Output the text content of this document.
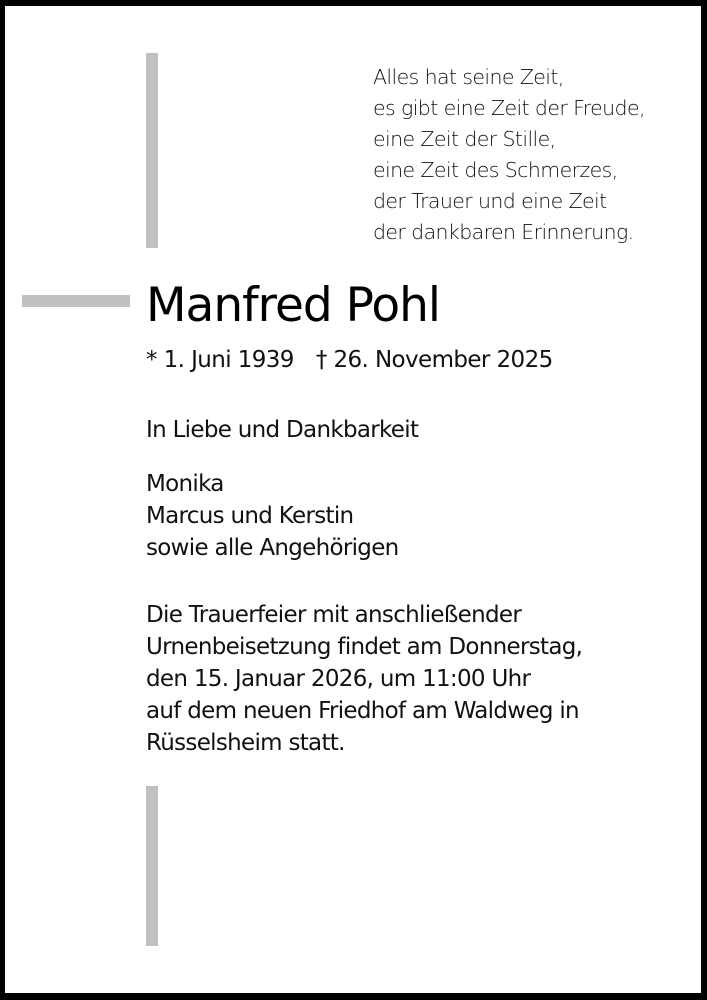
Alles hat seine Zeit,
es gibt eine Zeit der Freude,
eine Zeit der Stille,
eine Zeit des Schmerzes,
der Trauer und eine Zeit
der dankbaren Erinnerung.
Manfred Pohl
* 1. Juni 1939 † 26. November 2025
In Liebe und Dankbarkeit
Monika
Marcus und Kerstin
sowie alle Angehörigen
Die Trauerfeier mit anschließender
Urnenbeisetzung findet am Donnerstag,
den 15. Januar 2026, um 11:00 Uhr
auf dem neuen Friedhof am Waldweg in
Rüsselsheim statt.
